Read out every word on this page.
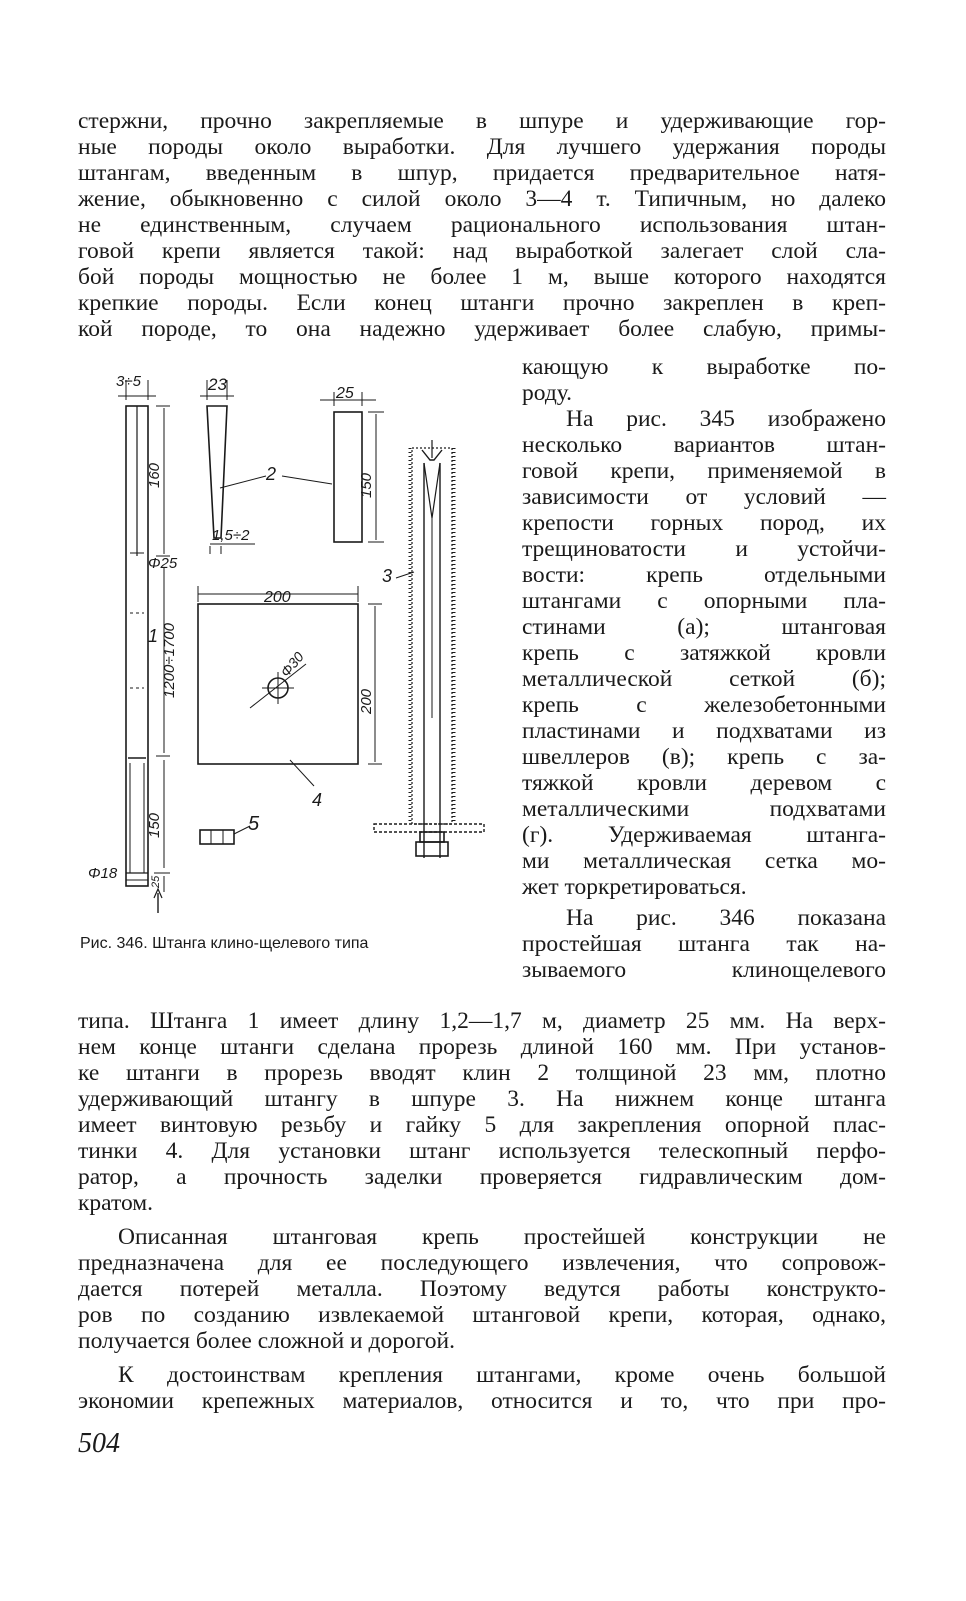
стержни, прочно закрепляемые в шпуре и удерживающие гор-
ные породы около выработки. Для лучшего удержания породы
штангам, введенным в шпур, придается предварительное натя-
жение, обыкновенно с силой около 3—4 т. Типичным, но далеко
не единственным, случаем рационального использования штан-
говой крепи является такой: над выработкой залегает слой сла-
бой породы мощностью не более 1 м, выше которого находятся
крепкие породы. Если конец штанги прочно закреплен в креп-
кой породе, то она надежно удерживает более слабую, примы-
кающую к выработке по-
роду.
На рис. 345 изображено
несколько вариантов штан-
говой крепи, применяемой в
зависимости от условий —
крепости горных пород, их
трещиноватости и устойчи-
вости: крепь отдельными
штангами с опорными пла-
стинами (а); штанговая
крепь с затяжкой кровли
металлической сеткой (б);
крепь с железобетонными
пластинами и подхватами из
швеллеров (в); крепь с за-
тяжкой кровли деревом с
металлическими подхватами
(г). Удерживаемая штанга-
ми металлическая сетка мо-
жет торкретироваться.
На рис. 346 показана
простейшая штанга так на-
зываемого клинощелевого
3÷5	23	25
160	150
1,5÷2
Φ25
200
200
Φ30
1200÷1700
150
Φ18	25
1
2
3
4
5
Рис. 346. Штанга клино-щелевого типа
типа. Штанга 1 имеет длину 1,2—1,7 м, диаметр 25 мм. На верх-
нем конце штанги сделана прорезь длиной 160 мм. При установ-
ке штанги в прорезь вводят клин 2 толщиной 23 мм, плотно
удерживающий штангу в шпуре 3. На нижнем конце штанга
имеет винтовую резьбу и гайку 5 для закрепления опорной плас-
тинки 4. Для установки штанг используется телескопный перфо-
ратор, а прочность заделки проверяется гидравлическим дом-
кратом.
Описанная штанговая крепь простейшей конструкции не
предназначена для ее последующего извлечения, что сопровож-
дается потерей металла. Поэтому ведутся работы конструкто-
ров по созданию извлекаемой штанговой крепи, которая, однако,
получается более сложной и дорогой.
К достоинствам крепления штангами, кроме очень большой
экономии крепежных материалов, относится и то, что при про-
504
